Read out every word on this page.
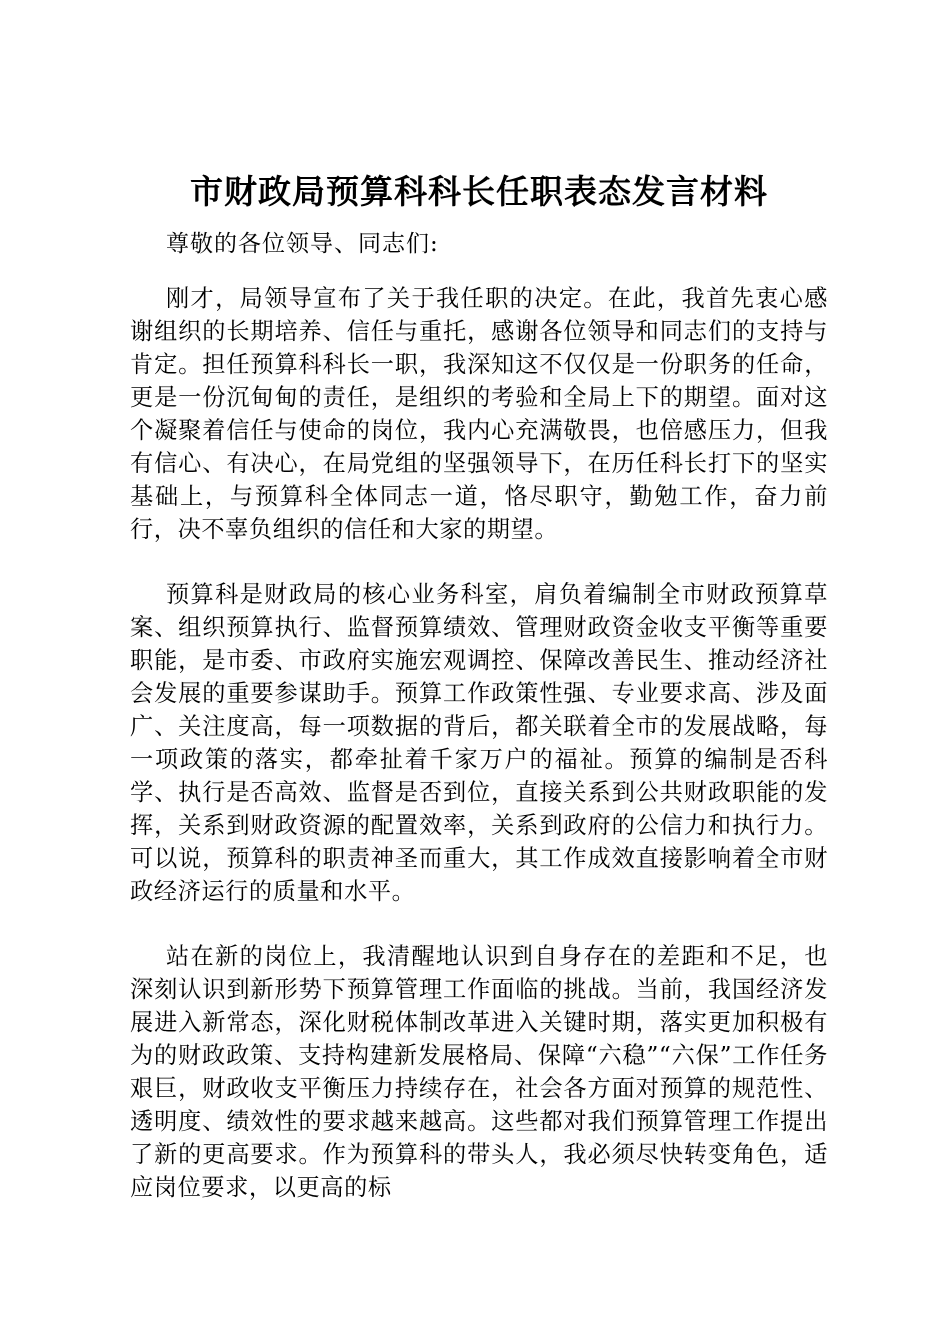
市财政局预算科科长任职表态发言材料

尊敬的各位领导、同志们:

刚才，局领导宣布了关于我任职的决定。在此，我首先衷心感谢组织的长期培养、信任与重托，感谢各位领导和同志们的支持与肯定。担任预算科科长一职，我深知这不仅仅是一份职务的任命，更是一份沉甸甸的责任，是组织的考验和全局上下的期望。面对这个凝聚着信任与使命的岗位，我内心充满敬畏，也倍感压力，但我有信心、有决心，在局党组的坚强领导下，在历任科长打下的坚实基础上，与预算科全体同志一道，恪尽职守，勤勉工作，奋力前行，决不辜负组织的信任和大家的期望。

预算科是财政局的核心业务科室，肩负着编制全市财政预算草案、组织预算执行、监督预算绩效、管理财政资金收支平衡等重要职能，是市委、市政府实施宏观调控、保障改善民生、推动经济社会发展的重要参谋助手。预算工作政策性强、专业要求高、涉及面广、关注度高，每一项数据的背后，都关联着全市的发展战略，每一项政策的落实，都牵扯着千家万户的福祉。预算的编制是否科学、执行是否高效、监督是否到位，直接关系到公共财政职能的发挥，关系到财政资源的配置效率，关系到政府的公信力和执行力。可以说，预算科的职责神圣而重大，其工作成效直接影响着全市财政经济运行的质量和水平。

站在新的岗位上，我清醒地认识到自身存在的差距和不足，也深刻认识到新形势下预算管理工作面临的挑战。当前，我国经济发展进入新常态，深化财税体制改革进入关键时期，落实更加积极有为的财政政策、支持构建新发展格局、保障“六稳”“六保”工作任务艰巨，财政收支平衡压力持续存在，社会各方面对预算的规范性、透明度、绩效性的要求越来越高。这些都对我们预算管理工作提出了新的更高要求。作为预算科的带头人，我必须尽快转变角色，适应岗位要求，以更高的标
